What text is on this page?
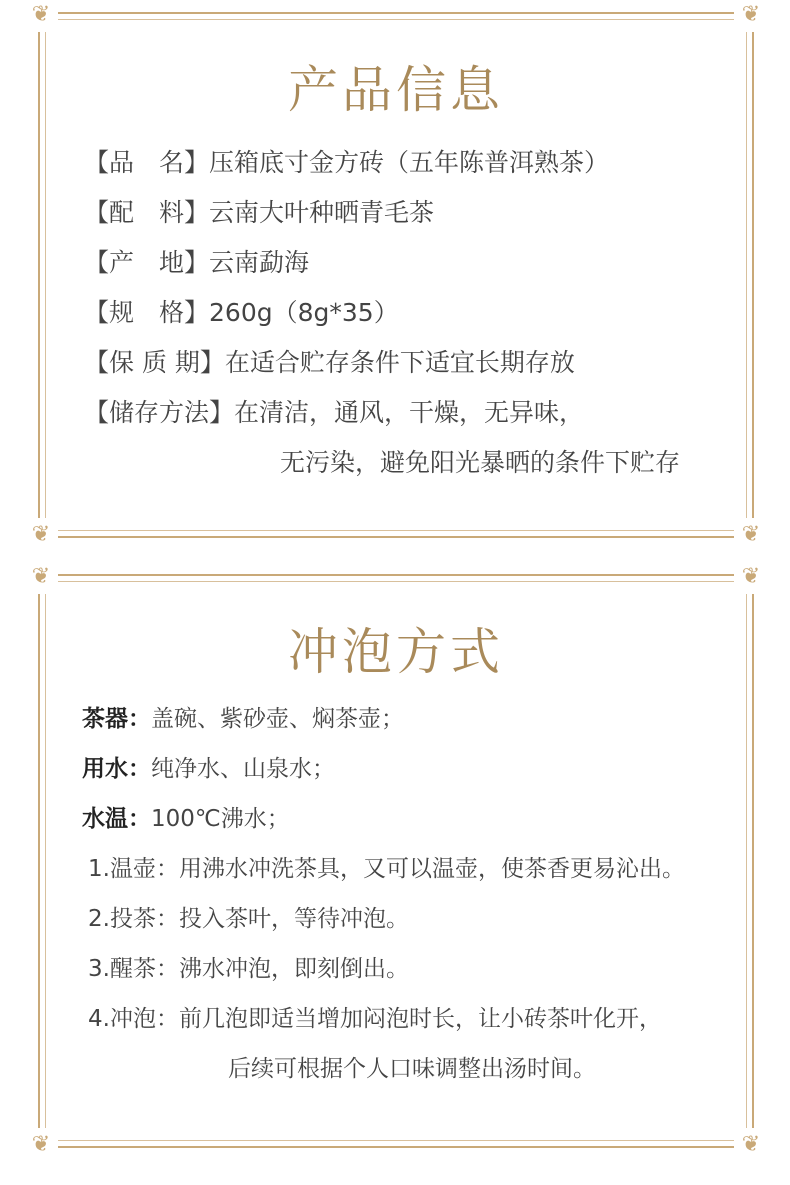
❦	❦
❦	❦
产品信息
【品　名】 压箱底寸金方砖（五年陈普洱熟茶）
【配　料】 云南大叶种晒青毛茶
【产　地】 云南勐海
【规　格】 260g（8g*35）
【保 质 期】 在适合贮存条件下适宜长期存放
【储存方法】 在清洁，通风，干燥，无异味，
无污染，避免阳光暴晒的条件下贮存
❦	❦
❦	❦
冲泡方式
茶器： 盖碗、紫砂壶、焖茶壶；
用水： 纯净水、山泉水；
水温： 100℃沸水；
1.温壶： 用沸水冲洗茶具，又可以温壶，使茶香更易沁出。
2.投茶： 投入茶叶，等待冲泡。
3.醒茶： 沸水冲泡，即刻倒出。
4.冲泡： 前几泡即适当增加闷泡时长，让小砖茶叶化开，
后续可根据个人口味调整出汤时间。
